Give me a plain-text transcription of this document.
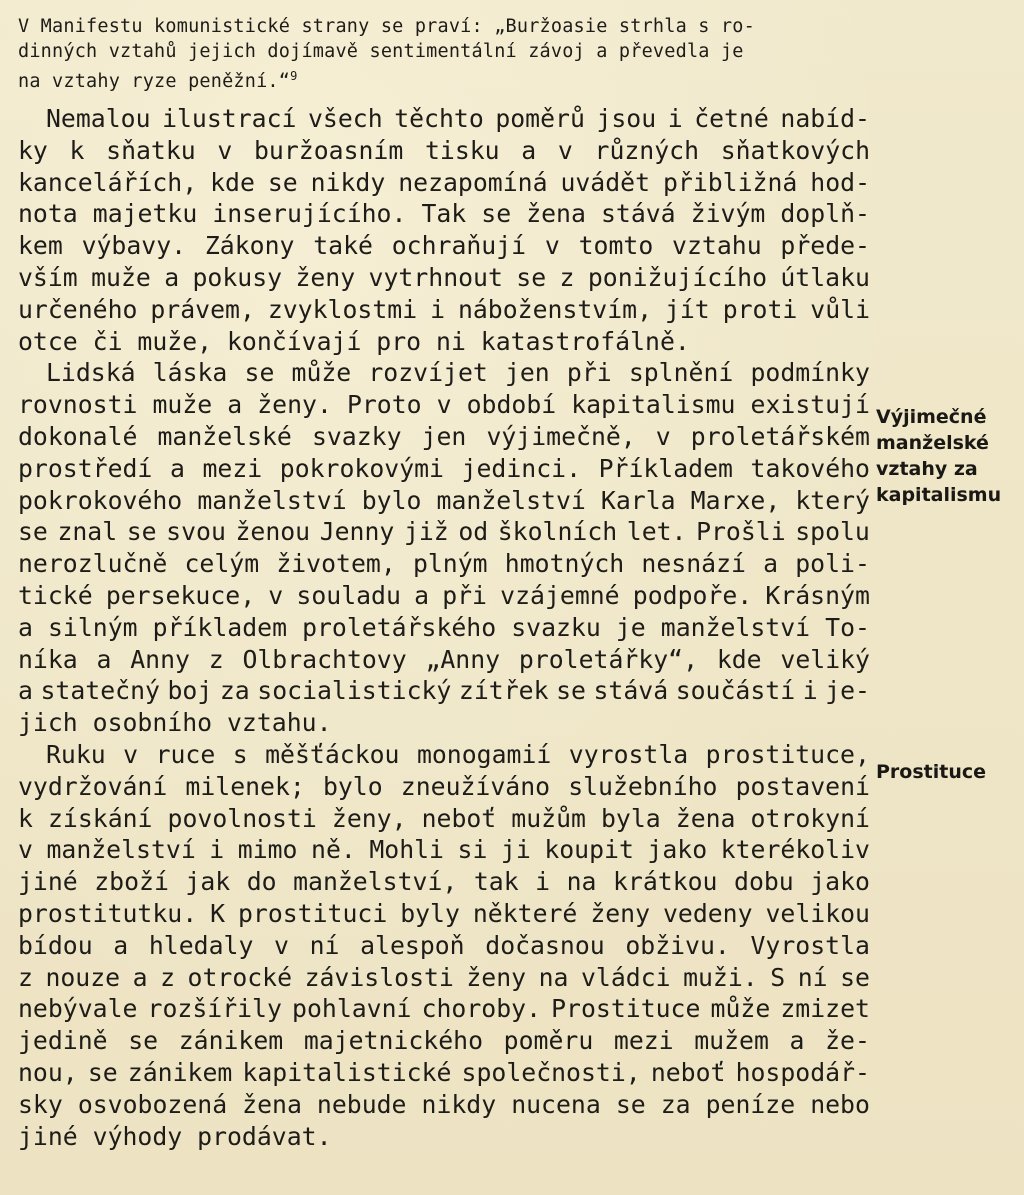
V Manifestu komunistické strany se praví: „Buržoasie strhla s ro-
dinných vztahů jejich dojímavě sentimentální závoj a převedla je
na vztahy ryze peněžní.“$^9$
Nemalou ilustrací všech těchto poměrů jsou i četné nabíd-
ky k sňatku v buržoasním tisku a v různých sňatkových
kancelářích, kde se nikdy nezapomíná uvádět přibližná hod-
nota majetku inserujícího. Tak se žena stává živým doplň-
kem výbavy. Zákony také ochraňují v tomto vztahu přede-
vším muže a pokusy ženy vytrhnout se z ponižujícího útlaku
určeného právem, zvyklostmi i náboženstvím, jít proti vůli
otce či muže, končívají pro ni katastrofálně.
Lidská láska se může rozvíjet jen při splnění podmínky
rovnosti muže a ženy. Proto v období kapitalismu existují
dokonalé manželské svazky jen výjimečně, v proletářském
prostředí a mezi pokrokovými jedinci. Příkladem takového
pokrokového manželství bylo manželství Karla Marxe, který
se znal se svou ženou Jenny již od školních let. Prošli spolu
nerozlučně celým životem, plným hmotných nesnází a poli-
tické persekuce, v souladu a při vzájemné podpoře. Krásným
a silným příkladem proletářského svazku je manželství To-
níka a Anny z Olbrachtovy „Anny proletářky“, kde veliký
a statečný boj za socialistický zítřek se stává součástí i je-
jich osobního vztahu.
Ruku v ruce s měšťáckou monogamií vyrostla prostituce,
vydržování milenek; bylo zneužíváno služebního postavení
k získání povolnosti ženy, neboť mužům byla žena otrokyní
v manželství i mimo ně. Mohli si ji koupit jako kterékoliv
jiné zboží jak do manželství, tak i na krátkou dobu jako
prostitutku. K prostituci byly některé ženy vedeny velikou
bídou a hledaly v ní alespoň dočasnou obživu. Vyrostla
z nouze a z otrocké závislosti ženy na vládci muži. S ní se
nebývale rozšířily pohlavní choroby. Prostituce může zmizet
jedině se zánikem majetnického poměru mezi mužem a že-
nou, se zánikem kapitalistické společnosti, neboť hospodář-
sky osvobozená žena nebude nikdy nucena se za peníze nebo
jiné výhody prodávat.
Výjimečné
manželské
vztahy za
kapitalismu
Prostituce
